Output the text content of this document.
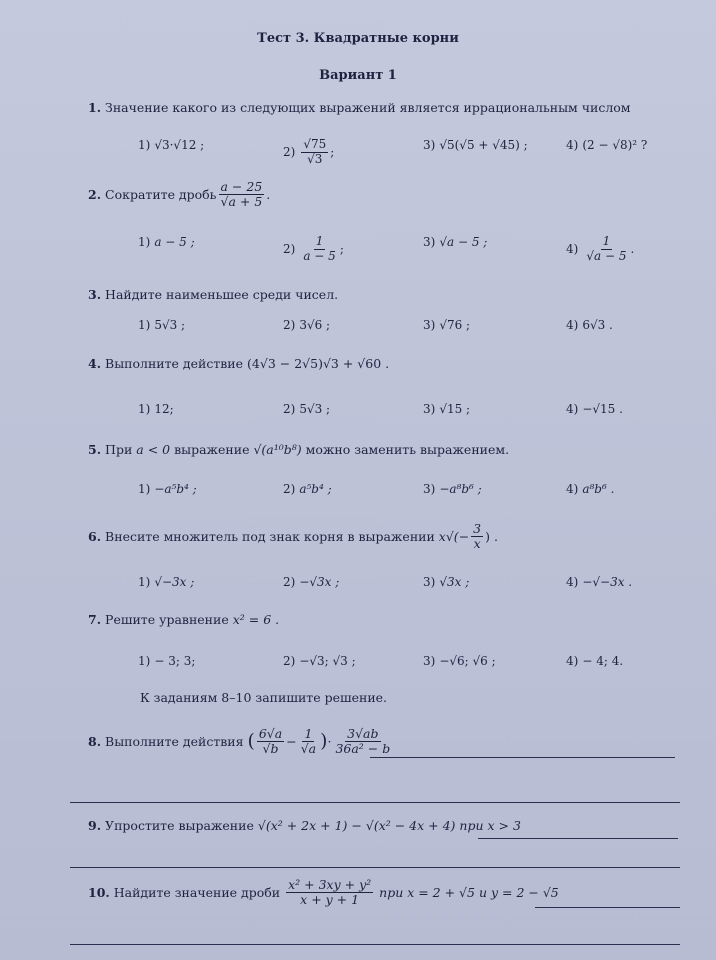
Тест 3. Квадратные корни
Вариант 1
1. Значение какого из следующих выражений является иррациональным числом
1) √3·√12 ;
$2) \frac{√75}{√3}$ ;
3) √5(√5 + √45) ;	4) (2 − √8)² ?
2.
Сократите дробь $\frac{a - 25}{√a + 5}$ .
1) a − 5 ;
$2) \frac{1}{a - 5}$ ;
3) √a − 5 ;
$4) \frac{1}{√a - 5}$ .
3. Найдите наименьшее среди чисел.
1) 5√3 ;	2) 3√6 ;	3) √76 ;	4) 6√3 .
4. Выполните действие (4√3 − 2√5)√3 + √60 .
1) 12;	2) 5√3 ;	3) √15 ;	4) −√15 .
5. При a < 0 выражение √(a¹⁰b⁸) можно заменить выражением.
1) −a⁵b⁴ ;	2) a⁵b⁴ ;	3) −a⁸b⁶ ;	4) a⁸b⁶ .
6.
Внесите множитель под знак корня в выражении
$x√(- \frac{3}{x}$ ) .
1) √−3x ;	2) −√3x ;	3) √3x ;	4) −√−3x .
7. Решите уравнение x² = 6 .
1) − 3; 3;	2) −√3; √3 ;	3) −√6; √6 ;	4) − 4; 4.
К заданиям 8–10 запишите решение.
8.
Выполните действия
( $\frac{6√a}{√b} - \frac{1}{√a}$ ) · $\frac{3√ab}{\text{36a² − b}}$
9. Упростите выражение √(x² + 2x + 1) − √(x² − 4x + 4) при x > 3
10.
Найдите значение дроби
$\frac{\text{x² + 3xy + y²}}{x + y + 1}$
при x = 2 + √5 и y = 2 − √5
